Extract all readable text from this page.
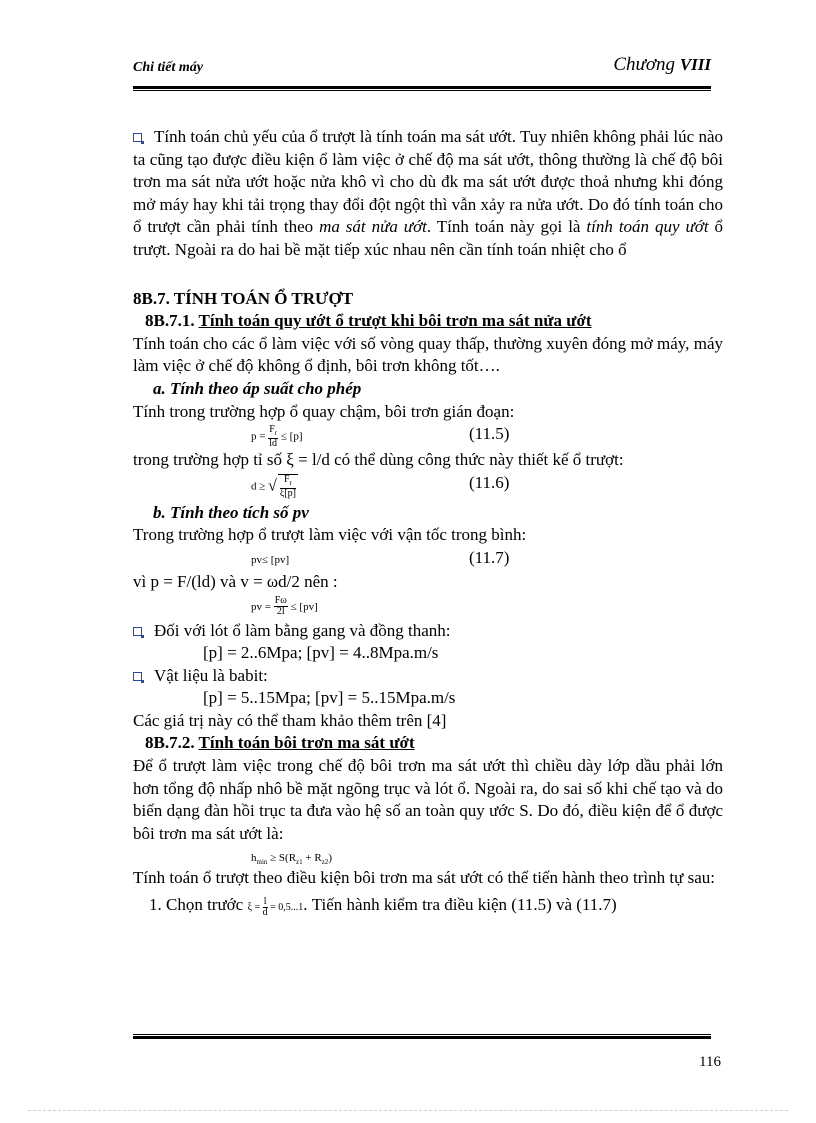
Chi tiết máy	Chương VIII

Tính toán chủ yếu của ổ trượt là tính toán ma sát ướt. Tuy nhiên không phải lúc nào ta cũng tạo được điều kiện ổ làm việc ở chế độ ma sát ướt, thông thường là chế độ bôi trơn ma sát nửa ướt hoặc nửa khô vì cho dù đk ma sát ướt được thoả nhưng khi đóng mở máy hay khi tải trọng thay đổi đột ngột thì vẫn xảy ra nửa ướt. Do đó tính toán cho ổ trượt cần phải tính theo ma sát nửa ướt. Tính toán này gọi là tính toán quy ướt ổ trượt. Ngoài ra do hai bề mặt tiếp xúc nhau nên cần tính toán nhiệt cho ổ

8B.7. TÍNH TOÁN Ổ TRƯỢT

8B.7.1. Tính toán quy ướt ổ trượt khi bôi trơn ma sát nửa ướt

Tính toán cho các ổ làm việc với số vòng quay thấp, thường xuyên đóng mở máy, máy làm việc ở chế độ không ổ định, bôi trơn không tốt….

a. Tính theo áp suất cho phép

Tính trong trường hợp ổ quay chậm, bôi trơn gián đoạn:

$p = \frac{F_r}{ld} \le [p]$	(11.5)

trong trường hợp tỉ số ξ = l/d có thể dùng công thức này thiết kế ổ trượt:

d ≥ √ $\frac{F_r}{\xi[p]}$	(11.6)

b. Tính theo tích số pv

Trong trường hợp ổ trượt làm việc với vận tốc trong bình:

pv≤ [pv]	(11.7)

vì p = F/(ld) và v = ωd/2 nên :

pv = $\frac{F\omega}{2l} \le [pv]$

Đối với lót ổ làm bằng gang và đồng thanh:

[p] = 2..6Mpa; [pv] = 4..8Mpa.m/s

Vật liệu là babit:

[p] = 5..15Mpa; [pv] = 5..15Mpa.m/s

Các giá trị này có thể tham khảo thêm trên [4]

8B.7.2. Tính toán bôi trơn ma sát ướt

Để ổ trượt làm việc trong chế độ bôi trơn ma sát ướt thì chiều dày lớp dầu phải lớn hơn tổng độ nhấp nhô bề mặt ngõng trục và lót ổ. Ngoài ra, do sai số khi chế tạo và do biến dạng đàn hồi trục ta đưa vào hệ số an toàn quy ước S. Do đó, điều kiện để ổ được bôi trơn ma sát ướt là:

$h_{min} \ge S(R_{z1} + R_{z2})$

Tính toán ổ trượt theo điều kiện bôi trơn ma sát ướt có thể tiến hành theo trình tự sau:

1. Chọn trước $\xi = \frac{l}{d} = 0,5...1$. Tiến hành kiểm tra điều kiện (11.5) và (11.7)

116
